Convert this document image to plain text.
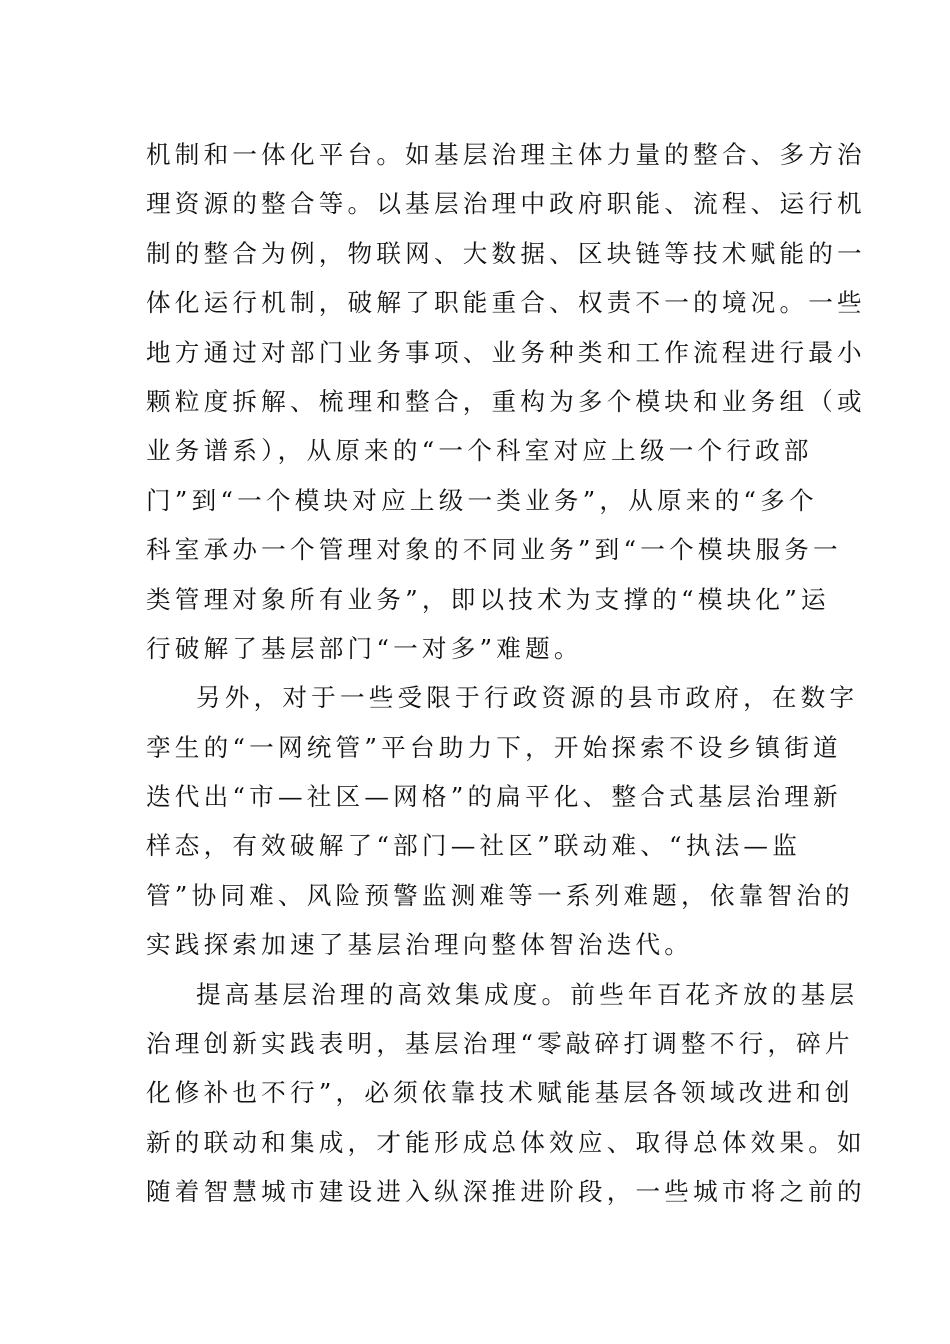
机制和一体化平台。如基层治理主体力量的整合、多方治
理资源的整合等。以基层治理中政府职能、流程、运行机
制的整合为例，物联网、大数据、区块链等技术赋能的一
体化运行机制，破解了职能重合、权责不一的境况。一些
地方通过对部门业务事项、业务种类和工作流程进行最小
颗粒度拆解、梳理和整合，重构为多个模块和业务组（或
业务谱系），从原来的“一个科室对应上级一个行政部
门”到“一个模块对应上级一类业务”，从原来的“多个
科室承办一个管理对象的不同业务”到“一个模块服务一
类管理对象所有业务”，即以技术为支撑的“模块化”运
行破解了基层部门“一对多”难题。
另外，对于一些受限于行政资源的县市政府，在数字
孪生的“一网统管”平台助力下，开始探索不设乡镇街道
迭代出“市—社区—网格”的扁平化、整合式基层治理新
样态，有效破解了“部门—社区”联动难、“执法—监
管”协同难、风险预警监测难等一系列难题，依靠智治的
实践探索加速了基层治理向整体智治迭代。
提高基层治理的高效集成度。前些年百花齐放的基层
治理创新实践表明，基层治理“零敲碎打调整不行，碎片
化修补也不行”，必须依靠技术赋能基层各领域改进和创
新的联动和集成，才能形成总体效应、取得总体效果。如
随着智慧城市建设进入纵深推进阶段，一些城市将之前的
